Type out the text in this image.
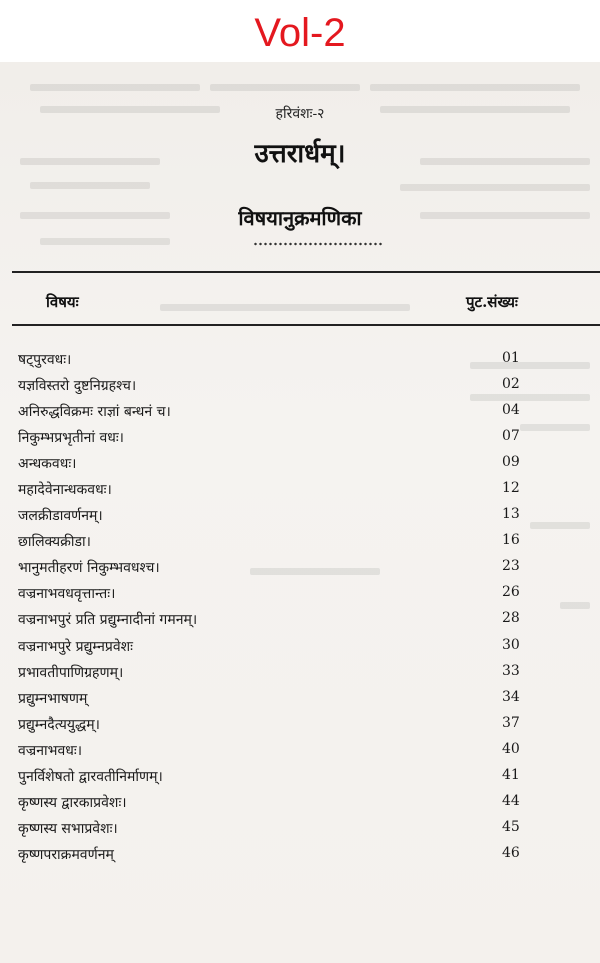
Vol-2
हरिवंशः-२
उत्तरार्धम्।
विषयानुक्रमणिका
विषयः	पुट.संख्यः
षट्पुरवधः।	01
यज्ञविस्तरो दुष्टनिग्रहश्च।	02
अनिरुद्धविक्रमः राज्ञां बन्धनं च।	04
निकुम्भप्रभृतीनां वधः।	07
अन्धकवधः।	09
महादेवेनान्धकवधः।	12
जलक्रीडावर्णनम्।	13
छालिक्यक्रीडा।	16
भानुमतीहरणं निकुम्भवधश्च।	23
वज्रनाभवधवृत्तान्तः।	26
वज्रनाभपुरं प्रति प्रद्युम्नादीनां गमनम्।	28
वज्रनाभपुरे प्रद्युम्नप्रवेशः	30
प्रभावतीपाणिग्रहणम्।	33
प्रद्युम्नभाषणम्	34
प्रद्युम्नदैत्ययुद्धम्।	37
वज्रनाभवधः।	40
पुनर्विशेषतो द्वारवतीनिर्माणम्।	41
कृष्णस्य द्वारकाप्रवेशः।	44
कृष्णस्य सभाप्रवेशः।	45
कृष्णपराक्रमवर्णनम्	46
